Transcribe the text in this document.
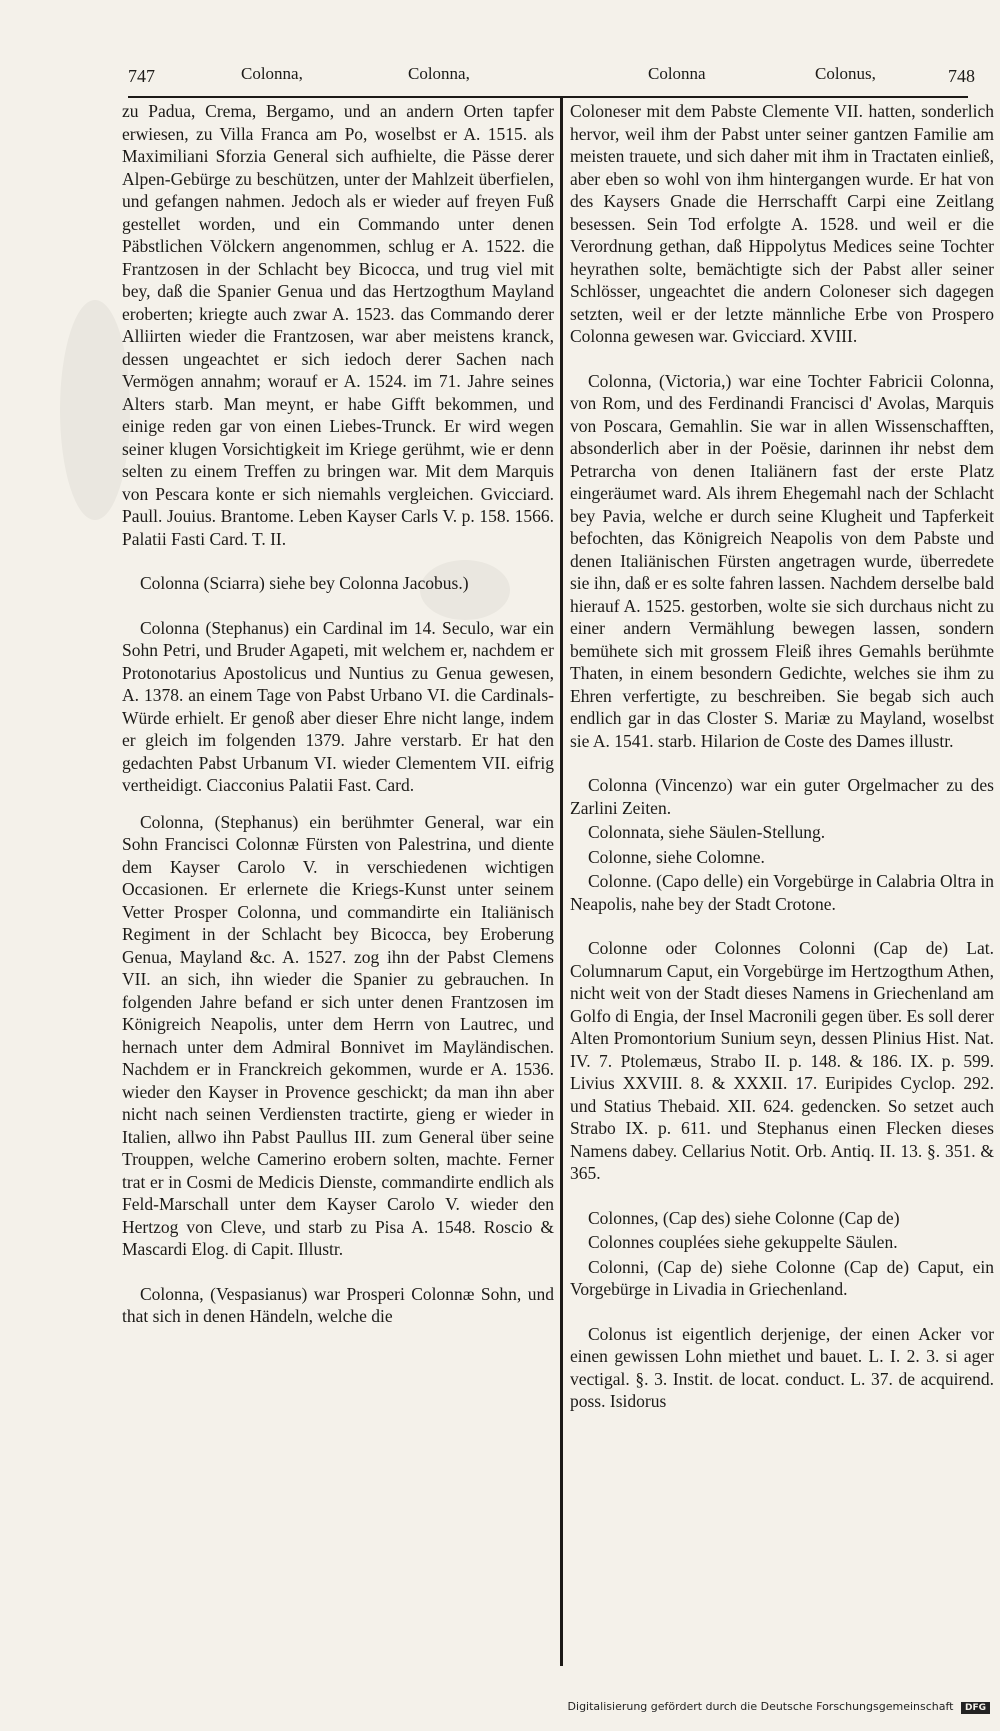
747	Colonna,	Colonna,	Colonna	Colonus,	748

zu Padua, Crema, Bergamo, und an andern Orten tapfer erwiesen, zu Villa Franca am Po, woselbst er A. 1515. als Maximiliani Sforzia General sich aufhielte, die Pässe derer Alpen-Gebürge zu beschützen, unter der Mahlzeit überfielen, und gefangen nahmen. Jedoch als er wieder auf freyen Fuß gestellet worden, und ein Commando unter denen Päbstlichen Völckern angenommen, schlug er A. 1522. die Frantzosen in der Schlacht bey Bicocca, und trug viel mit bey, daß die Spanier Genua und das Hertzogthum Mayland eroberten; kriegte auch zwar A. 1523. das Commando derer Alliirten wieder die Frantzosen, war aber meistens kranck, dessen ungeachtet er sich iedoch derer Sachen nach Vermögen annahm; worauf er A. 1524. im 71. Jahre seines Alters starb. Man meynt, er habe Gifft bekommen, und einige reden gar von einen Liebes-Trunck. Er wird wegen seiner klugen Vorsichtigkeit im Kriege gerühmt, wie er denn selten zu einem Treffen zu bringen war. Mit dem Marquis von Pescara konte er sich niemahls vergleichen. Gvicciard. Paull. Jouius. Brantome. Leben Kayser Carls V. p. 158. 1566. Palatii Fasti Card. T. II.

Colonna (Sciarra) siehe bey Colonna Jacobus.)

Colonna (Stephanus) ein Cardinal im 14. Seculo, war ein Sohn Petri, und Bruder Agapeti, mit welchem er, nachdem er Protonotarius Apostolicus und Nuntius zu Genua gewesen, A. 1378. an einem Tage von Pabst Urbano VI. die Cardinals-Würde erhielt. Er genoß aber dieser Ehre nicht lange, indem er gleich im folgenden 1379. Jahre verstarb. Er hat den gedachten Pabst Urbanum VI. wieder Clementem VII. eifrig vertheidigt. Ciacconius Palatii Fast. Card.

Colonna, (Stephanus) ein berühmter General, war ein Sohn Francisci Colonnæ Fürsten von Palestrina, und diente dem Kayser Carolo V. in verschiedenen wichtigen Occasionen. Er erlernete die Kriegs-Kunst unter seinem Vetter Prosper Colonna, und commandirte ein Italiänisch Regiment in der Schlacht bey Bicocca, bey Eroberung Genua, Mayland &c. A. 1527. zog ihn der Pabst Clemens VII. an sich, ihn wieder die Spanier zu gebrauchen. In folgenden Jahre befand er sich unter denen Frantzosen im Königreich Neapolis, unter dem Herrn von Lautrec, und hernach unter dem Admiral Bonnivet im Mayländischen. Nachdem er in Franckreich gekommen, wurde er A. 1536. wieder den Kayser in Provence geschickt; da man ihn aber nicht nach seinen Verdiensten tractirte, gieng er wieder in Italien, allwo ihn Pabst Paullus III. zum General über seine Trouppen, welche Camerino erobern solten, machte. Ferner trat er in Cosmi de Medicis Dienste, commandirte endlich als Feld-Marschall unter dem Kayser Carolo V. wieder den Hertzog von Cleve, und starb zu Pisa A. 1548. Roscio & Mascardi Elog. di Capit. Illustr.

Colonna, (Vespasianus) war Prosperi Colonnæ Sohn, und that sich in denen Händeln, welche die

Coloneser mit dem Pabste Clemente VII. hatten, sonderlich hervor, weil ihm der Pabst unter seiner gantzen Familie am meisten trauete, und sich daher mit ihm in Tractaten einließ, aber eben so wohl von ihm hintergangen wurde. Er hat von des Kaysers Gnade die Herrschafft Carpi eine Zeitlang besessen. Sein Tod erfolgte A. 1528. und weil er die Verordnung gethan, daß Hippolytus Medices seine Tochter heyrathen solte, bemächtigte sich der Pabst aller seiner Schlösser, ungeachtet die andern Coloneser sich dagegen setzten, weil er der letzte männliche Erbe von Prospero Colonna gewesen war. Gvicciard. XVIII.

Colonna, (Victoria,) war eine Tochter Fabricii Colonna, von Rom, und des Ferdinandi Francisci d' Avolas, Marquis von Poscara, Gemahlin. Sie war in allen Wissenschafften, absonderlich aber in der Poësie, darinnen ihr nebst dem Petrarcha von denen Italiänern fast der erste Platz eingeräumet ward. Als ihrem Ehegemahl nach der Schlacht bey Pavia, welche er durch seine Klugheit und Tapferkeit befochten, das Königreich Neapolis von dem Pabste und denen Italiänischen Fürsten angetragen wurde, überredete sie ihn, daß er es solte fahren lassen. Nachdem derselbe bald hierauf A. 1525. gestorben, wolte sie sich durchaus nicht zu einer andern Vermählung bewegen lassen, sondern bemühete sich mit grossem Fleiß ihres Gemahls berühmte Thaten, in einem besondern Gedichte, welches sie ihm zu Ehren verfertigte, zu beschreiben. Sie begab sich auch endlich gar in das Closter S. Mariæ zu Mayland, woselbst sie A. 1541. starb. Hilarion de Coste des Dames illustr.

Colonna (Vincenzo) war ein guter Orgelmacher zu des Zarlini Zeiten.

Colonnata, siehe Säulen-Stellung.

Colonne, siehe Colomne.

Colonne. (Capo delle) ein Vorgebürge in Calabria Oltra in Neapolis, nahe bey der Stadt Crotone.

Colonne oder Colonnes Colonni (Cap de) Lat. Columnarum Caput, ein Vorgebürge im Hertzogthum Athen, nicht weit von der Stadt dieses Namens in Griechenland am Golfo di Engia, der Insel Macronili gegen über. Es soll derer Alten Promontorium Sunium seyn, dessen Plinius Hist. Nat. IV. 7. Ptolemæus, Strabo II. p. 148. & 186. IX. p. 599. Livius XXVIII. 8. & XXXII. 17. Euripides Cyclop. 292. und Statius Thebaid. XII. 624. gedencken. So setzet auch Strabo IX. p. 611. und Stephanus einen Flecken dieses Namens dabey. Cellarius Notit. Orb. Antiq. II. 13. §. 351. & 365.

Colonnes, (Cap des) siehe Colonne (Cap de)

Colonnes couplées siehe gekuppelte Säulen.

Colonni, (Cap de) siehe Colonne (Cap de) Caput, ein Vorgebürge in Livadia in Griechenland.

Colonus ist eigentlich derjenige, der einen Acker vor einen gewissen Lohn miethet und bauet. L. I. 2. 3. si ager vectigal. §. 3. Instit. de locat. conduct. L. 37. de acquirend. poss. Isidorus

Digitalisierung gefördert durch die Deutsche Forschungsgemeinschaft DFG
